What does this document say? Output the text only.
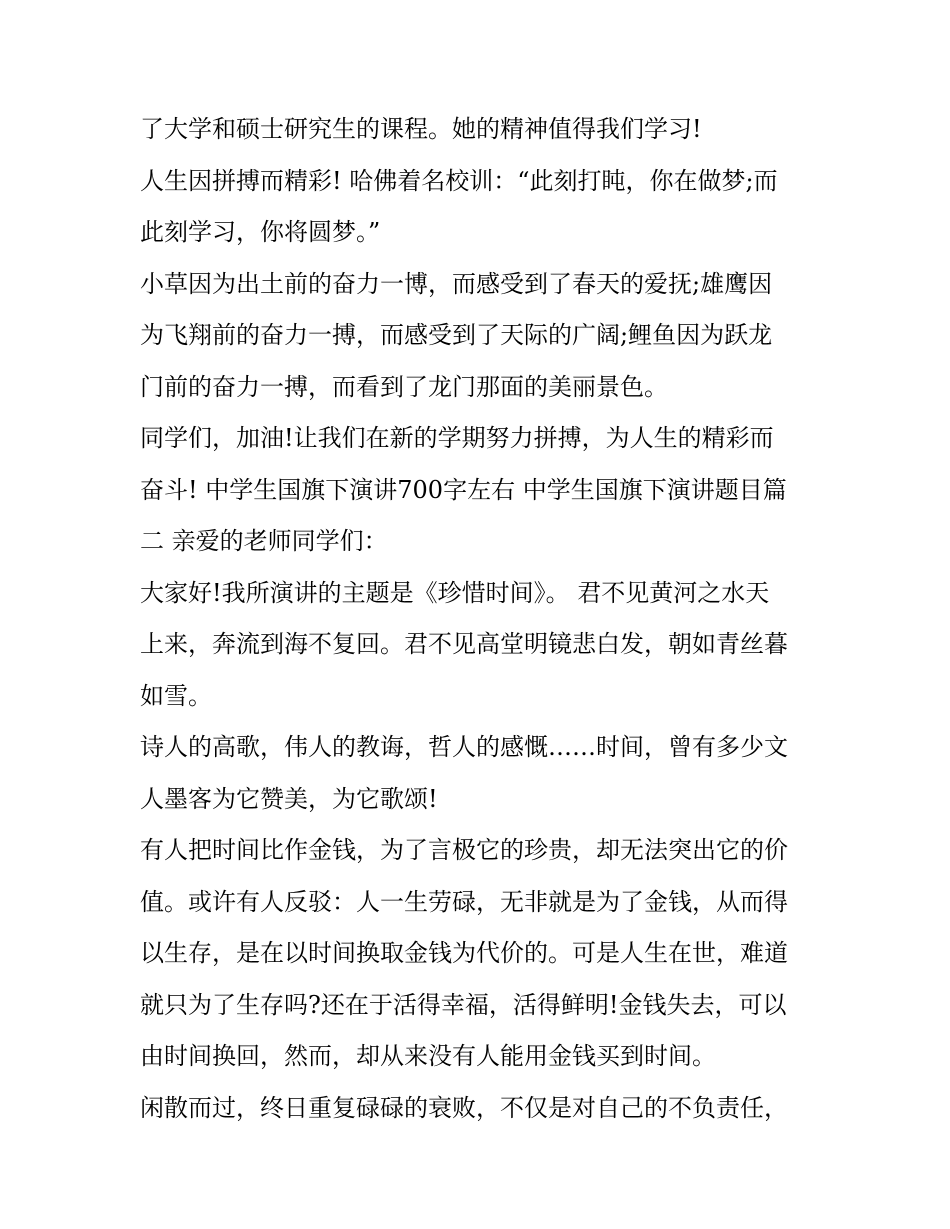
了大学和硕士研究生的课程。她的精神值得我们学习!
人生因拼搏而精彩! 哈佛着名校训：“此刻打盹，你在做梦;而
此刻学习，你将圆梦。”
小草因为出土前的奋力一博，而感受到了春天的爱抚;雄鹰因
为飞翔前的奋力一搏，而感受到了天际的广阔;鲤鱼因为跃龙
门前的奋力一搏，而看到了龙门那面的美丽景色。
同学们，加油!让我们在新的学期努力拼搏，为人生的精彩而
奋斗! 中学生国旗下演讲700字左右 中学生国旗下演讲题目篇
二 亲爱的老师同学们：
大家好!我所演讲的主题是《珍惜时间》。 君不见黄河之水天
上来，奔流到海不复回。君不见高堂明镜悲白发，朝如青丝暮
如雪。
诗人的高歌，伟人的教诲，哲人的感慨……时间，曾有多少文
人墨客为它赞美，为它歌颂!
有人把时间比作金钱，为了言极它的珍贵，却无法突出它的价
值。或许有人反驳：人一生劳碌，无非就是为了金钱，从而得
以生存，是在以时间换取金钱为代价的。可是人生在世，难道
就只为了生存吗?还在于活得幸福，活得鲜明!金钱失去，可以
由时间换回，然而，却从来没有人能用金钱买到时间。
闲散而过，终日重复碌碌的衰败，不仅是对自己的不负责任，
